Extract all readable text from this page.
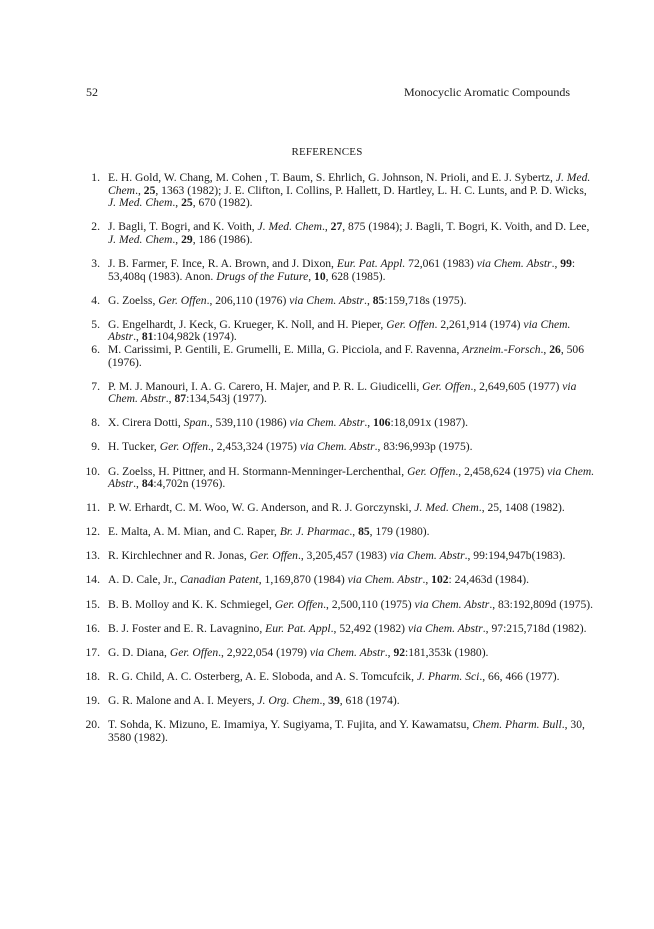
52	Monocyclic Aromatic Compounds
REFERENCES
1. E. H. Gold, W. Chang, M. Cohen , T. Baum, S. Ehrlich, G. Johnson, N. Prioli, and E. J. Sybertz, J. Med. Chem., 25, 1363 (1982); J. E. Clifton, I. Collins, P. Hallett, D. Hartley, L. H. C. Lunts, and P. D. Wicks, J. Med. Chem., 25, 670 (1982).
2. J. Bagli, T. Bogri, and K. Voith, J. Med. Chem., 27, 875 (1984); J. Bagli, T. Bogri, K. Voith, and D. Lee, J. Med. Chem., 29, 186 (1986).
3. J. B. Farmer, F. Ince, R. A. Brown, and J. Dixon, Eur. Pat. Appl. 72,061 (1983) via Chem. Abstr., 99: 53,408q (1983). Anon. Drugs of the Future, 10, 628 (1985).
4. G. Zoelss, Ger. Offen., 206,110 (1976) via Chem. Abstr., 85:159,718s (1975).
5. G. Engelhardt, J. Keck, G. Krueger, K. Noll, and H. Pieper, Ger. Offen. 2,261,914 (1974) via Chem. Abstr., 81:104,982k (1974).
6. M. Carissimi, P. Gentili, E. Grumelli, E. Milla, G. Picciola, and F. Ravenna, Arzneim.-Forsch., 26, 506 (1976).
7. P. M. J. Manouri, I. A. G. Carero, H. Majer, and P. R. L. Giudicelli, Ger. Offen., 2,649,605 (1977) via Chem. Abstr., 87:134,543j (1977).
8. X. Cirera Dotti, Span., 539,110 (1986) via Chem. Abstr., 106:18,091x (1987).
9. H. Tucker, Ger. Offen., 2,453,324 (1975) via Chem. Abstr., 83:96,993p (1975).
10. G. Zoelss, H. Pittner, and H. Stormann-Menninger-Lerchenthal, Ger. Offen., 2,458,624 (1975) via Chem. Abstr., 84:4,702n (1976).
11. P. W. Erhardt, C. M. Woo, W. G. Anderson, and R. J. Gorczynski, J. Med. Chem., 25, 1408 (1982).
12. E. Malta, A. M. Mian, and C. Raper, Br. J. Pharmac., 85, 179 (1980).
13. R. Kirchlechner and R. Jonas, Ger. Offen., 3,205,457 (1983) via Chem. Abstr., 99:194,947b(1983).
14. A. D. Cale, Jr., Canadian Patent, 1,169,870 (1984) via Chem. Abstr., 102: 24,463d (1984).
15. B. B. Molloy and K. K. Schmiegel, Ger. Offen., 2,500,110 (1975) via Chem. Abstr., 83:192,809d (1975).
16. B. J. Foster and E. R. Lavagnino, Eur. Pat. Appl., 52,492 (1982) via Chem. Abstr., 97:215,718d (1982).
17. G. D. Diana, Ger. Offen., 2,922,054 (1979) via Chem. Abstr., 92:181,353k (1980).
18. R. G. Child, A. C. Osterberg, A. E. Sloboda, and A. S. Tomcufcik, J. Pharm. Sci., 66, 466 (1977).
19. G. R. Malone and A. I. Meyers, J. Org. Chem., 39, 618 (1974).
20. T. Sohda, K. Mizuno, E. Imamiya, Y. Sugiyama, T. Fujita, and Y. Kawamatsu, Chem. Pharm. Bull., 30, 3580 (1982).
